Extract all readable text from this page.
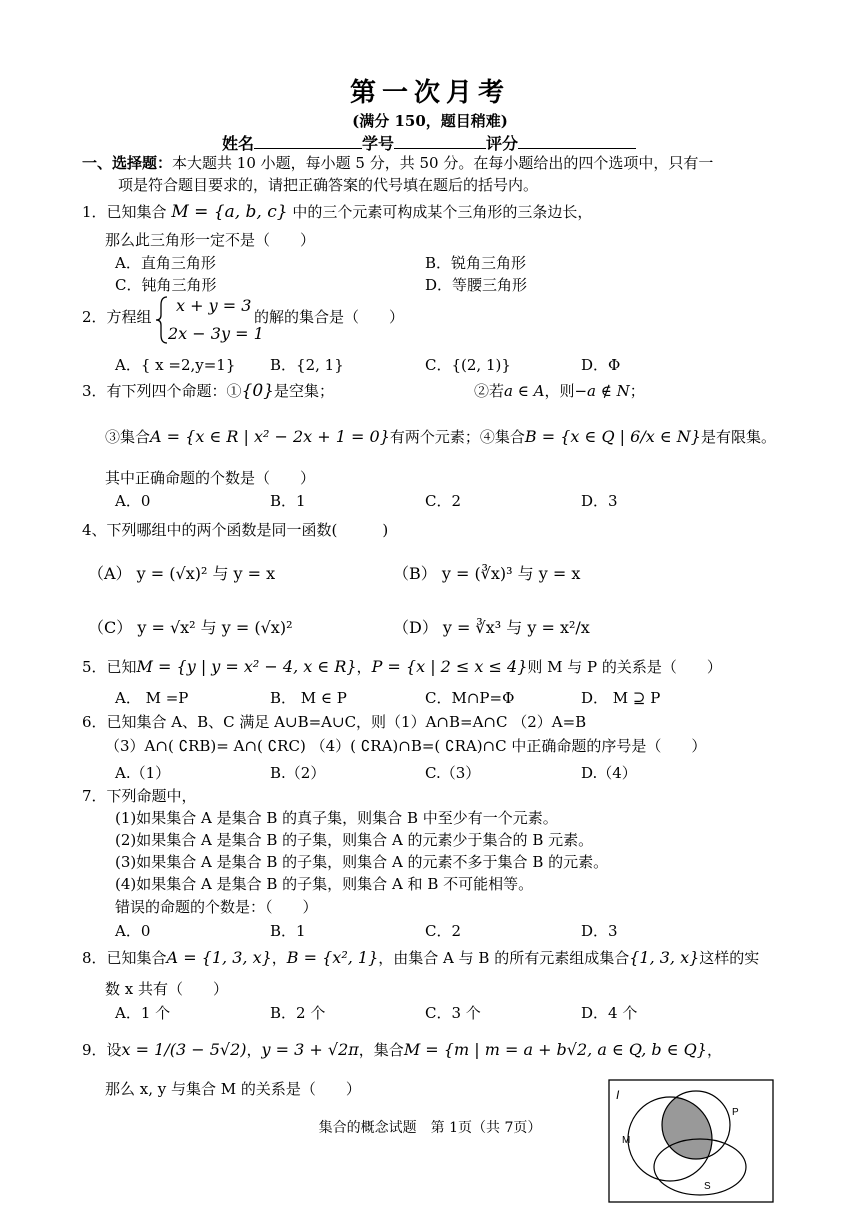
第一次月考
(满分 150，题目稍难)
姓名	学号	评分
一、选择题：本大题共 10 小题，每小题 5 分，共 50 分。在每小题给出的四个选项中，只有一
项是符合题目要求的，请把正确答案的代号填在题后的括号内。
1．已知集合 M = {a, b, c} 中的三个元素可构成某个三角形的三条边长，
那么此三角形一定不是（　　）
A．直角三角形	B．锐角三角形
C．钝角三角形	D．等腰三角形
2．方程组
x + y = 3
2x − 3y = 1
的解的集合是（　　）
A．{ x =2,y=1} B．{2, 1}	C．{(2, 1)}	D．Φ
3．有下列四个命题：①{0}是空集；	②若a ∈ A，则−a ∉ N；
③集合A = {x ∈ R | x² − 2x + 1 = 0}有两个元素；④集合B = {x ∈ Q | 6/x ∈ N}是有限集。
其中正确命题的个数是（　　）
A．0	B．1	C．2	D．3
4、下列哪组中的两个函数是同一函数(　　　)
（A） y = (√x)² 与 y = x	（B） y = (∛x)³ 与 y = x
（C） y = √x² 与 y = (√x)²	（D） y = ∛x³ 与 y = x²/x
5．已知M = {y | y = x² − 4, x ∈ R}，P = {x | 2 ≤ x ≤ 4}则 M 与 P 的关系是（　　）
A． M =P	B． M ∈ P	C．M∩P=Φ	D． M ⊇ P
6．已知集合 A、B、C 满足 A∪B=A∪C，则（1）A∩B=A∩C （2）A=B
（3）A∩( ∁RB)= A∩( ∁RC) （4）( ∁RA)∩B=( ∁RA)∩C 中正确命题的序号是（　　）
A.（1）	B.（2）	C.（3）	D.（4）
7．下列命题中，
(1)如果集合 A 是集合 B 的真子集，则集合 B 中至少有一个元素。
(2)如果集合 A 是集合 B 的子集，则集合 A 的元素少于集合的 B 元素。
(3)如果集合 A 是集合 B 的子集，则集合 A 的元素不多于集合 B 的元素。
(4)如果集合 A 是集合 B 的子集，则集合 A 和 B 不可能相等。
错误的命题的个数是：（　　）
A．0	B．1	C．2	D．3
8．已知集合A = {1, 3, x}，B = {x², 1}，由集合 A 与 B 的所有元素组成集合{1, 3, x}这样的实
数 x 共有（　　）
A．1 个	B．2 个	C．3 个	D．4 个
9．设x = 1/(3 − 5√2)，y = 3 + √2π，集合M = {m | m = a + b√2, a ∈ Q, b ∈ Q}，
那么 x, y 与集合 M 的关系是（　　）	I
M
P
S
集合的概念试题　第 1页（共 7页）
